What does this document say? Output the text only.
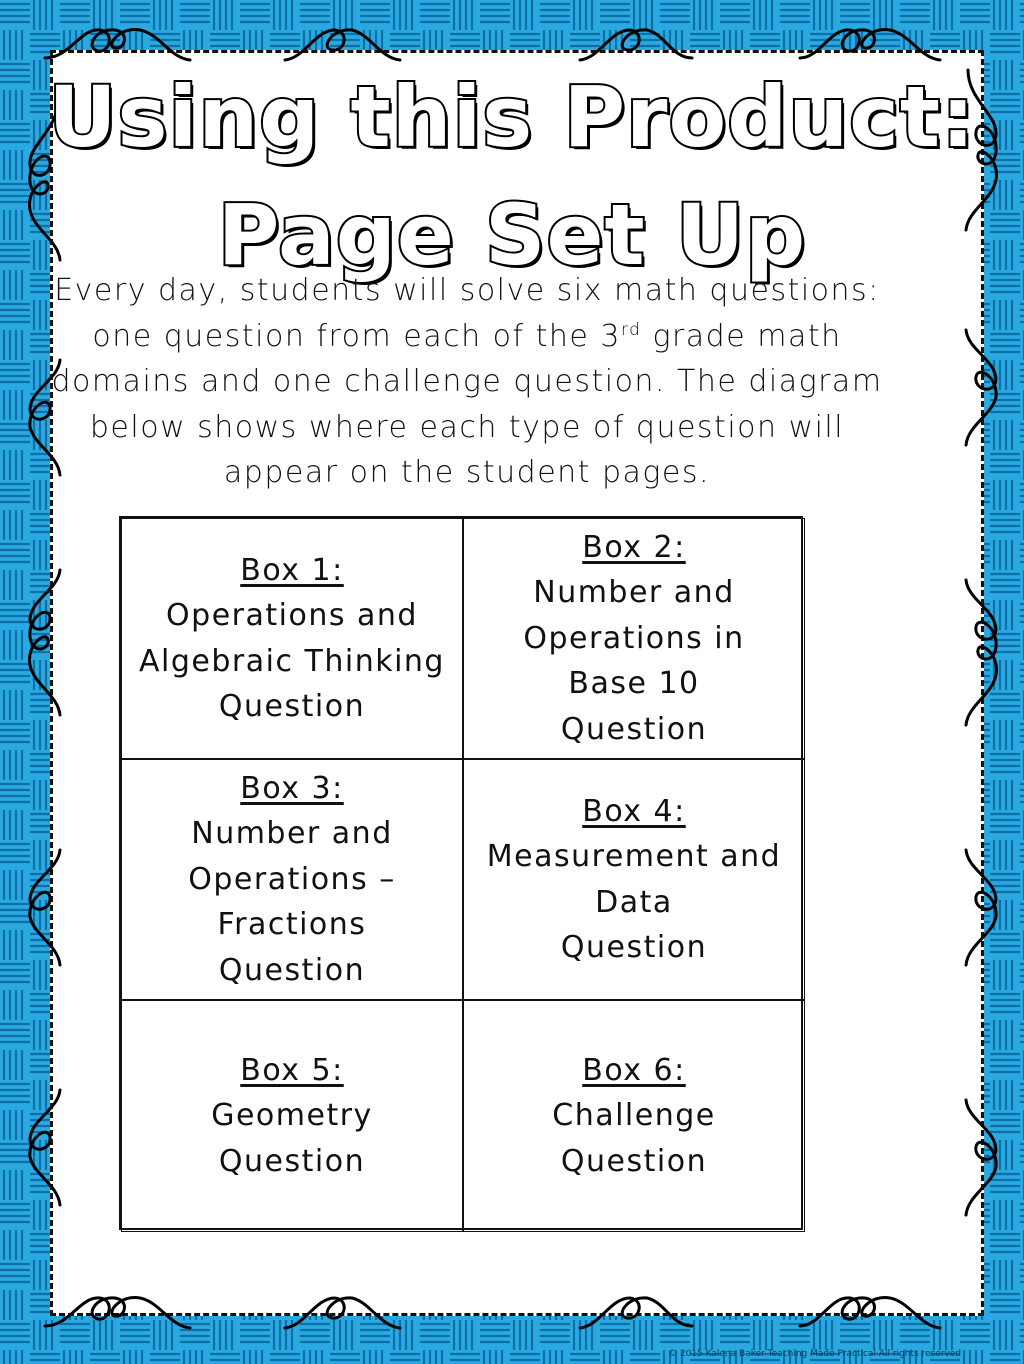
Using this Product:
Page Set Up
Every day, students will solve six math questions: one question from each of the 3rd grade math domains and one challenge question. The diagram below shows where each type of question will appear on the student pages.
Box 1:
Operations and
Algebraic Thinking
Question
Box 2:
Number and
Operations in
Base 10
Question
Box 3:
Number and
Operations –
Fractions
Question
Box 4:
Measurement and
Data
Question
Box 5:
Geometry
Question
Box 6:
Challenge
Question
© 2015 Kalena Baker Teaching Made Practical All rights reserved
